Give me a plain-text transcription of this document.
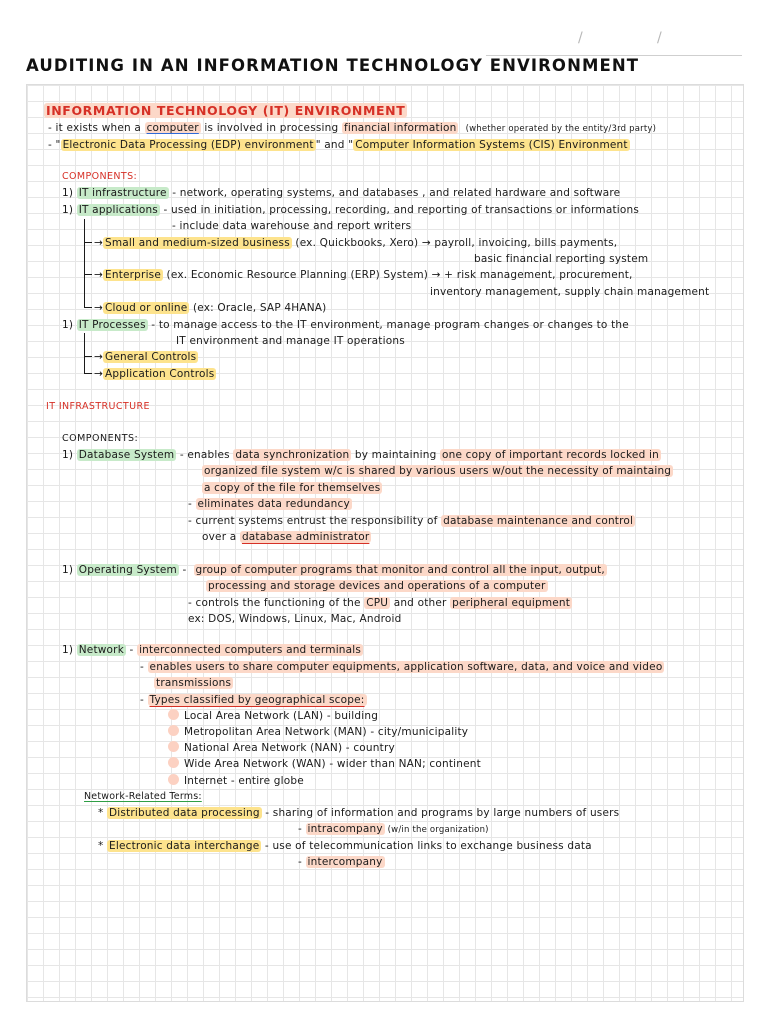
/	/
AUDITING IN AN INFORMATION TECHNOLOGY ENVIRONMENT
INFORMATION TECHNOLOGY (IT) ENVIRONMENT
- it exists when a computer is involved in processing financial information (whether operated by the entity/3rd party)
- " Electronic Data Processing (EDP) environment " and " Computer Information Systems (CIS) Environment
COMPONENTS:
1) IT infrastructure - network, operating systems, and databases , and related hardware and software
1) IT applications - used in initiation, processing, recording, and reporting of transactions or informations
- include data warehouse and report writers
→ Small and medium-sized business (ex. Quickbooks, Xero) → payroll, invoicing, bills payments,
basic financial reporting system
→ Enterprise (ex. Economic Resource Planning (ERP) System) → + risk management, procurement,
inventory management, supply chain management
→ Cloud or online (ex: Oracle, SAP 4HANA)
1) IT Processes - to manage access to the IT environment, manage program changes or changes to the
IT environment and manage IT operations
→ General Controls
→ Application Controls
IT INFRASTRUCTURE
COMPONENTS:
1) Database System - enables data synchronization by maintaining one copy of important records locked in
organized file system w/c is shared by various users w/out the necessity of maintaing
a copy of the file for themselves
- eliminates data redundancy
- current systems entrust the responsibility of database maintenance and control
over a database administrator
1) Operating System -  group of computer programs that monitor and control all the input, output,
processing and storage devices and operations of a computer
- controls the functioning of the CPU and other peripheral equipment
ex: DOS, Windows, Linux, Mac, Android
1) Network - interconnected computers and terminals
- enables users to share computer equipments, application software, data, and voice and video
transmissions
- Types classified by geographical scope:
Local Area Network (LAN) - building
Metropolitan Area Network (MAN) - city/municipality
National Area Network (NAN) - country
Wide Area Network (WAN) - wider than NAN; continent
Internet - entire globe
Network-Related Terms:
* Distributed data processing - sharing of information and programs by large numbers of users
- intracompany (w/in the organization)
* Electronic data interchange - use of telecommunication links to exchange business data
- intercompany
